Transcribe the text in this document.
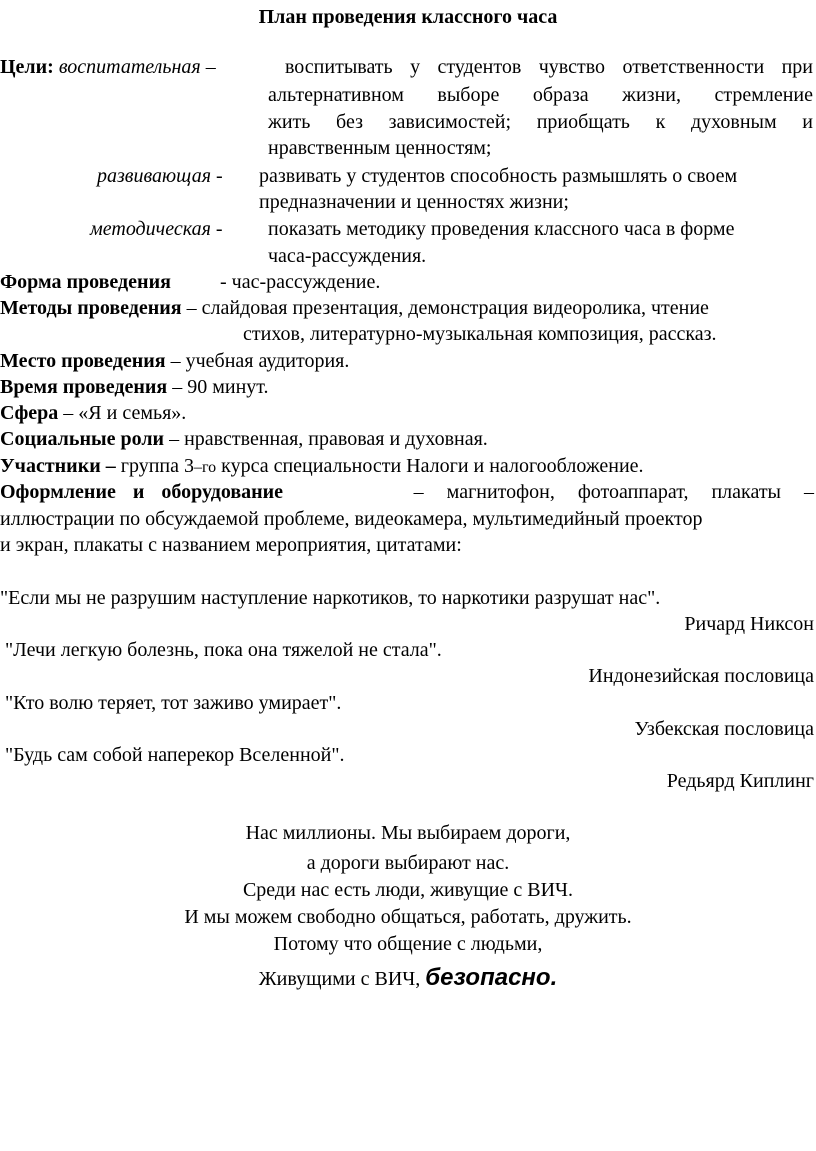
План проведения классного часа
Цели: воспитательная –	воспитывать у студентов чувство ответственности при
альтернативном выборе образа жизни, стремление
жить без зависимостей; приобщать к духовным и
нравственным ценностям;
развивающая - развивать у студентов способность размышлять о своем
предназначении и ценностях жизни;
методическая - показать методику проведения классного часа в форме
часа-рассуждения.
Форма проведения - час-рассуждение.
Методы проведения – слайдовая презентация, демонстрация видеоролика, чтение
стихов, литературно-музыкальная композиция, рассказ.
Место проведения – учебная аудитория.
Время проведения – 90 минут.
Сфера – «Я и семья».
Социальные роли – нравственная, правовая и духовная.
Участники – группа 3–го курса специальности Налоги и налогообложение.
Оформление и оборудование	– магнитофон, фотоаппарат, плакаты –
иллюстрации по обсуждаемой проблеме, видеокамера, мультимедийный проектор
и экран, плакаты с названием мероприятия, цитатами:
"Если мы не разрушим наступление наркотиков, то наркотики разрушат нас".
Ричард Никсон
"Лечи легкую болезнь, пока она тяжелой не стала".
Индонезийская пословица
"Кто волю теряет, тот заживо умирает".
Узбекская пословица
"Будь сам собой наперекор Вселенной".
Редьярд Киплинг
Нас миллионы. Мы выбираем дороги,
а дороги выбирают нас.
Среди нас есть люди, живущие с ВИЧ.
И мы можем свободно общаться, работать, дружить.
Потому что общение с людьми,
Живущими с ВИЧ, безопасно.
